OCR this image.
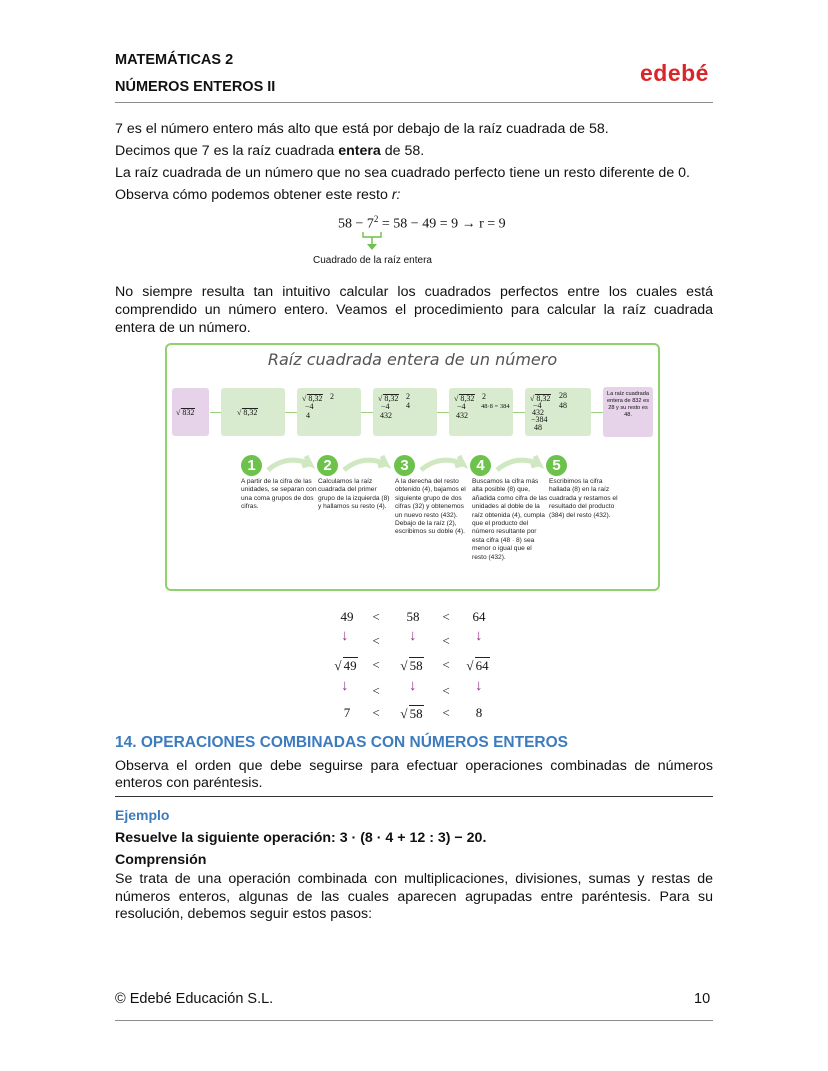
MATEMÁTICAS 2
NÚMEROS ENTEROS II
edebé
7 es el número entero más alto que está por debajo de la raíz cuadrada de 58.
Decimos que 7 es la raíz cuadrada entera de 58.
La raíz cuadrada de un número que no sea cuadrado perfecto tiene un resto diferente de 0.
Observa cómo podemos obtener este resto r:
$58 - 7^2 = 58 - 49 = 9 \to r = 9$
Cuadrado de la raíz entera
No siempre resulta tan intuitivo calcular los cuadrados perfectos entre los cuales está comprendido un número entero. Veamos el procedimiento para calcular la raíz cuadrada entera de un número.
Raíz cuadrada entera de un número
√ 832	√ 8,32
√ 8,32 2
−4
4
√ 8,32 2
4
−4
432
√ 8,32 2
48·8 = 384
−4
432
√ 8,32 28
48
−4
432
−384
48
La raíz cuadrada entera de 832 es 28 y su resto es 48.
1	2	3	4	5
A partir de la cifra de las unidades, se separan con una coma grupos de dos cifras.
Calculamos la raíz cuadrada del primer grupo de la izquierda (8) y hallamos su resto (4).
A la derecha del resto obtenido (4), bajamos el siguiente grupo de dos cifras (32) y obtenemos un nuevo resto (432). Debajo de la raíz (2), escribimos su doble (4).
Buscamos la cifra más alta posible (8) que, añadida como cifra de las unidades al doble de la raíz obtenida (4), cumpla que el producto del número resultante por esta cifra (48 · 8) sea menor o igual que el resto (432).
Escribimos la cifra hallada (8) en la raíz cuadrada y restamos el resultado del producto (384) del resto (432).
49	<	58	<	64
↓ < ↓ < ↓
√ 49	<	√ 58	<	√ 64
↓ < ↓ < ↓
7	<	√ 58	<	8
14. OPERACIONES COMBINADAS CON NÚMEROS ENTEROS
Observa el orden que debe seguirse para efectuar operaciones combinadas de números enteros con paréntesis.
Ejemplo
Resuelve la siguiente operación: 3 · (8 · 4 + 12 : 3) − 20.
Comprensión
Se trata de una operación combinada con multiplicaciones, divisiones, sumas y restas de números enteros, algunas de las cuales aparecen agrupadas entre paréntesis. Para su resolución, debemos seguir estos pasos:
© Edebé Educación S.L.	10
